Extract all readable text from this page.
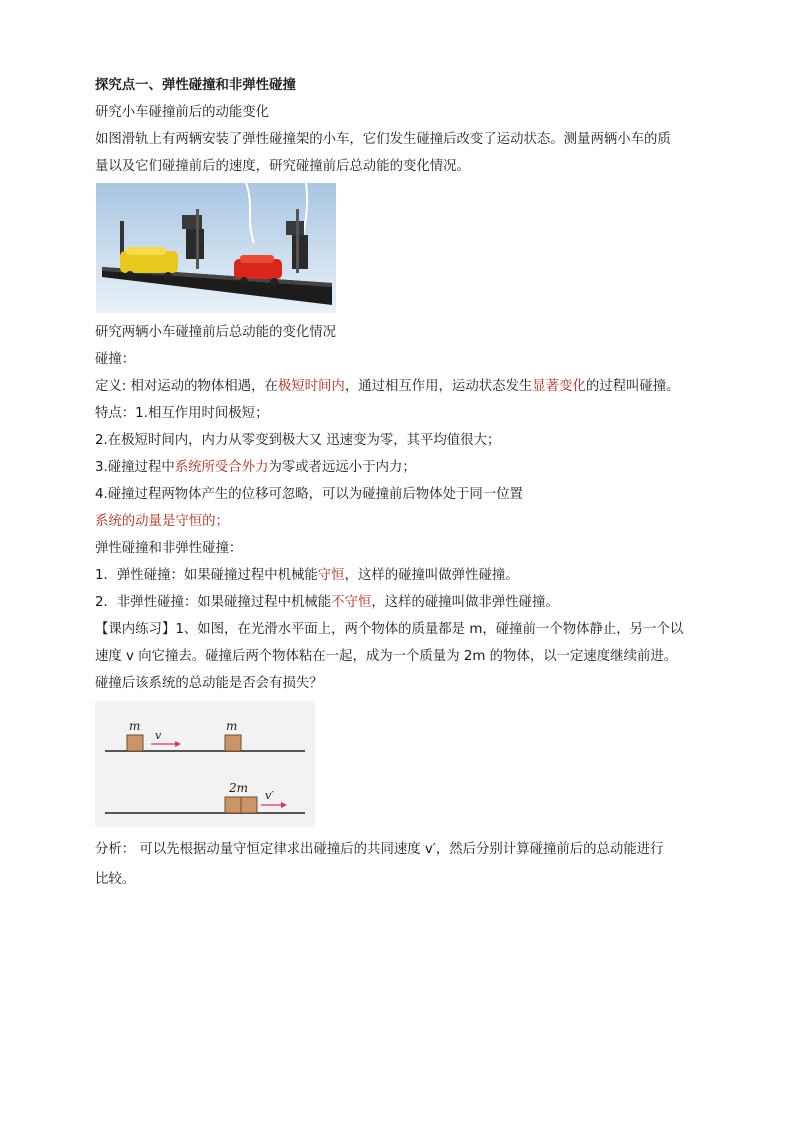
探究点一、弹性碰撞和非弹性碰撞
研究小车碰撞前后的动能变化
如图滑轨上有两辆安装了弹性碰撞架的小车，它们发生碰撞后改变了运动状态。测量两辆小车的质
量以及它们碰撞前后的速度，研究碰撞前后总动能的变化情况。
研究两辆小车碰撞前后总动能的变化情况
碰撞：
定义: 相对运动的物体相遇，在极短时间内，通过相互作用，运动状态发生显著变化的过程叫碰撞。
特点：1.相互作用时间极短；
2.在极短时间内，内力从零变到极大又 迅速变为零，其平均值很大；
3.碰撞过程中系统所受合外力为零或者远远小于内力；
4.碰撞过程两物体产生的位移可忽略，可以为碰撞前后物体处于同一位置
系统的动量是守恒的；
弹性碰撞和非弹性碰撞：
1．弹性碰撞：如果碰撞过程中机械能守恒，这样的碰撞叫做弹性碰撞。
2．非弹性碰撞：如果碰撞过程中机械能不守恒，这样的碰撞叫做非弹性碰撞。
【课内练习】1、如图，在光滑水平面上，两个物体的质量都是 m，碰撞前一个物体静止，另一个以
速度 v 向它撞去。碰撞后两个物体粘在一起，成为一个质量为 2m 的物体，以一定速度继续前进。
碰撞后该系统的总动能是否会有损失？
m
v
m
2m
v′
分析： 可以先根据动量守恒定律求出碰撞后的共同速度 v′，然后分别计算碰撞前后的总动能进行
比较。
